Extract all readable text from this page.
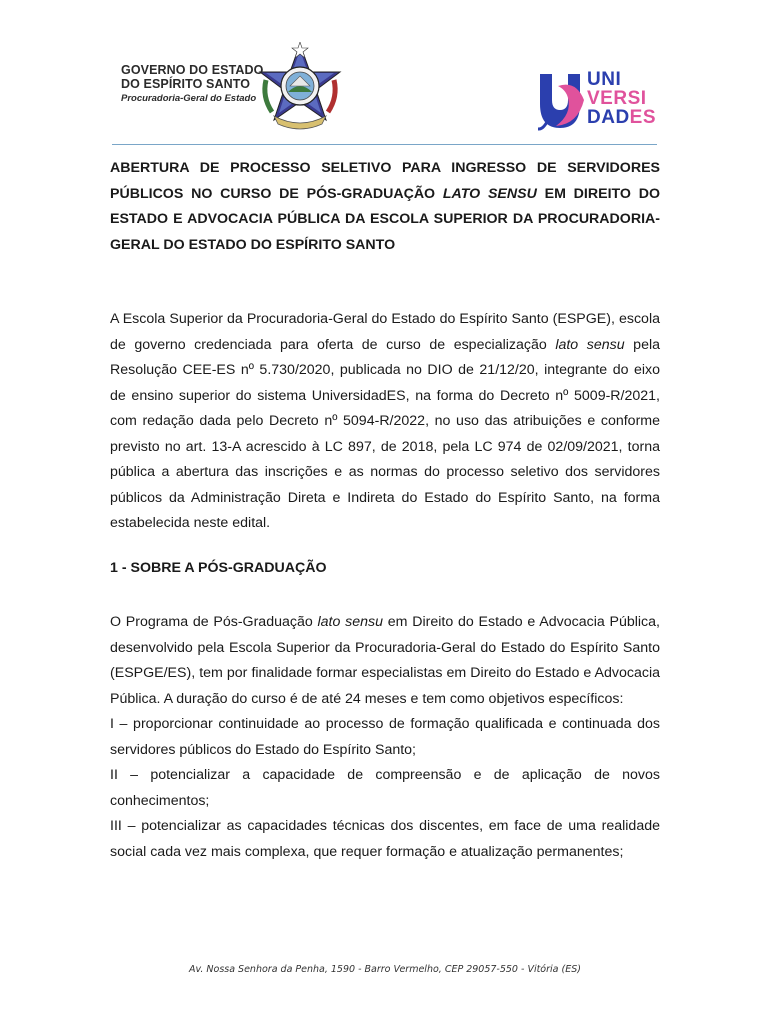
GOVERNO DO ESTADO
DO ESPÍRITO SANTO
Procuradoria-Geral do Estado
UNI
VERSI
DADES
ABERTURA DE PROCESSO SELETIVO PARA INGRESSO DE SERVIDORES PÚBLICOS NO CURSO DE PÓS-GRADUAÇÃO LATO SENSU EM DIREITO DO ESTADO E ADVOCACIA PÚBLICA DA ESCOLA SUPERIOR DA PROCURADORIA-GERAL DO ESTADO DO ESPÍRITO SANTO
A Escola Superior da Procuradoria-Geral do Estado do Espírito Santo (ESPGE), escola de governo credenciada para oferta de curso de especialização lato sensu pela Resolução CEE-ES nº 5.730/2020, publicada no DIO de 21/12/20, integrante do eixo de ensino superior do sistema UniversidadES, na forma do Decreto nº 5009-R/2021, com redação dada pelo Decreto nº 5094-R/2022, no uso das atribuições e conforme previsto no art. 13-A acrescido à LC 897, de 2018, pela LC 974 de 02/09/2021, torna pública a abertura das inscrições e as normas do processo seletivo dos servidores públicos da Administração Direta e Indireta do Estado do Espírito Santo, na forma estabelecida neste edital.
1 - SOBRE A PÓS-GRADUAÇÃO
O Programa de Pós-Graduação lato sensu em Direito do Estado e Advocacia Pública, desenvolvido pela Escola Superior da Procuradoria-Geral do Estado do Espírito Santo (ESPGE/ES), tem por finalidade formar especialistas em Direito do Estado e Advocacia Pública. A duração do curso é de até 24 meses e tem como objetivos específicos:
I – proporcionar continuidade ao processo de formação qualificada e continuada dos servidores públicos do Estado do Espírito Santo;
II – potencializar a capacidade de compreensão e de aplicação de novos conhecimentos;
III – potencializar as capacidades técnicas dos discentes, em face de uma realidade social cada vez mais complexa, que requer formação e atualização permanentes;
Av. Nossa Senhora da Penha, 1590 - Barro Vermelho, CEP 29057-550 - Vitória (ES)
